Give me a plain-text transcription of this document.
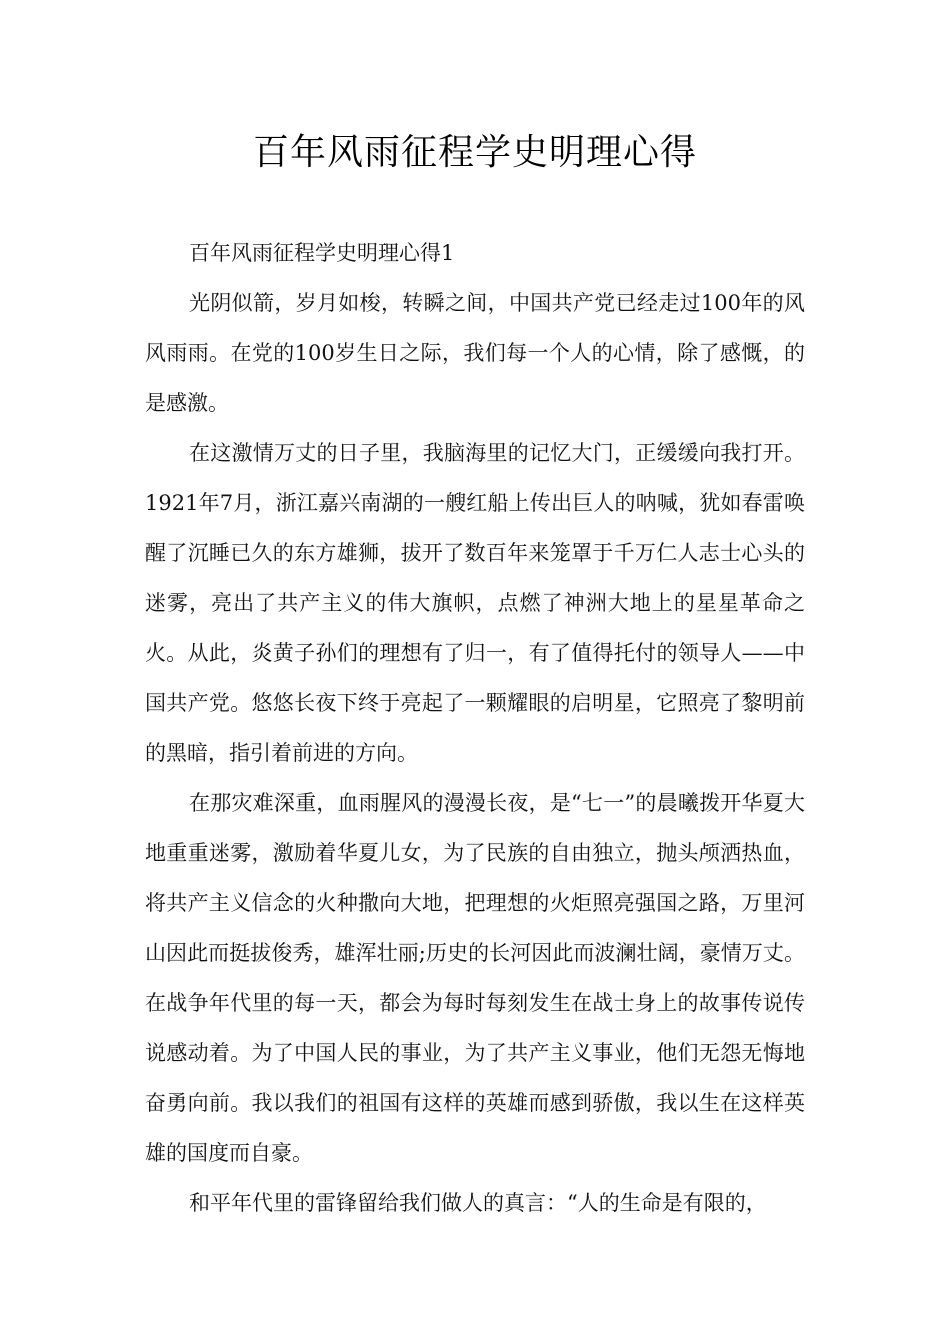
百年风雨征程学史明理心得

百年风雨征程学史明理心得1

光阴似箭，岁月如梭，转瞬之间，中国共产党已经走过100年的风风雨雨。在党的100岁生日之际，我们每一个人的心情，除了感慨，的是感激。

在这激情万丈的日子里，我脑海里的记忆大门，正缓缓向我打开。1921年7月，浙江嘉兴南湖的一艘红船上传出巨人的呐喊，犹如春雷唤醒了沉睡已久的东方雄狮，拔开了数百年来笼罩于千万仁人志士心头的迷雾，亮出了共产主义的伟大旗帜，点燃了神洲大地上的星星革命之火。从此，炎黄子孙们的理想有了归一，有了值得托付的领导人——中国共产党。悠悠长夜下终于亮起了一颗耀眼的启明星，它照亮了黎明前的黑暗，指引着前进的方向。

在那灾难深重，血雨腥风的漫漫长夜，是“七一”的晨曦拨开华夏大地重重迷雾，激励着华夏儿女，为了民族的自由独立，抛头颅洒热血，将共产主义信念的火种撒向大地，把理想的火炬照亮强国之路，万里河山因此而挺拔俊秀，雄浑壮丽;历史的长河因此而波澜壮阔，豪情万丈。在战争年代里的每一天，都会为每时每刻发生在战士身上的故事传说传说感动着。为了中国人民的事业，为了共产主义事业，他们无怨无悔地奋勇向前。我以我们的祖国有这样的英雄而感到骄傲，我以生在这样英雄的国度而自豪。

和平年代里的雷锋留给我们做人的真言：“人的生命是有限的，
